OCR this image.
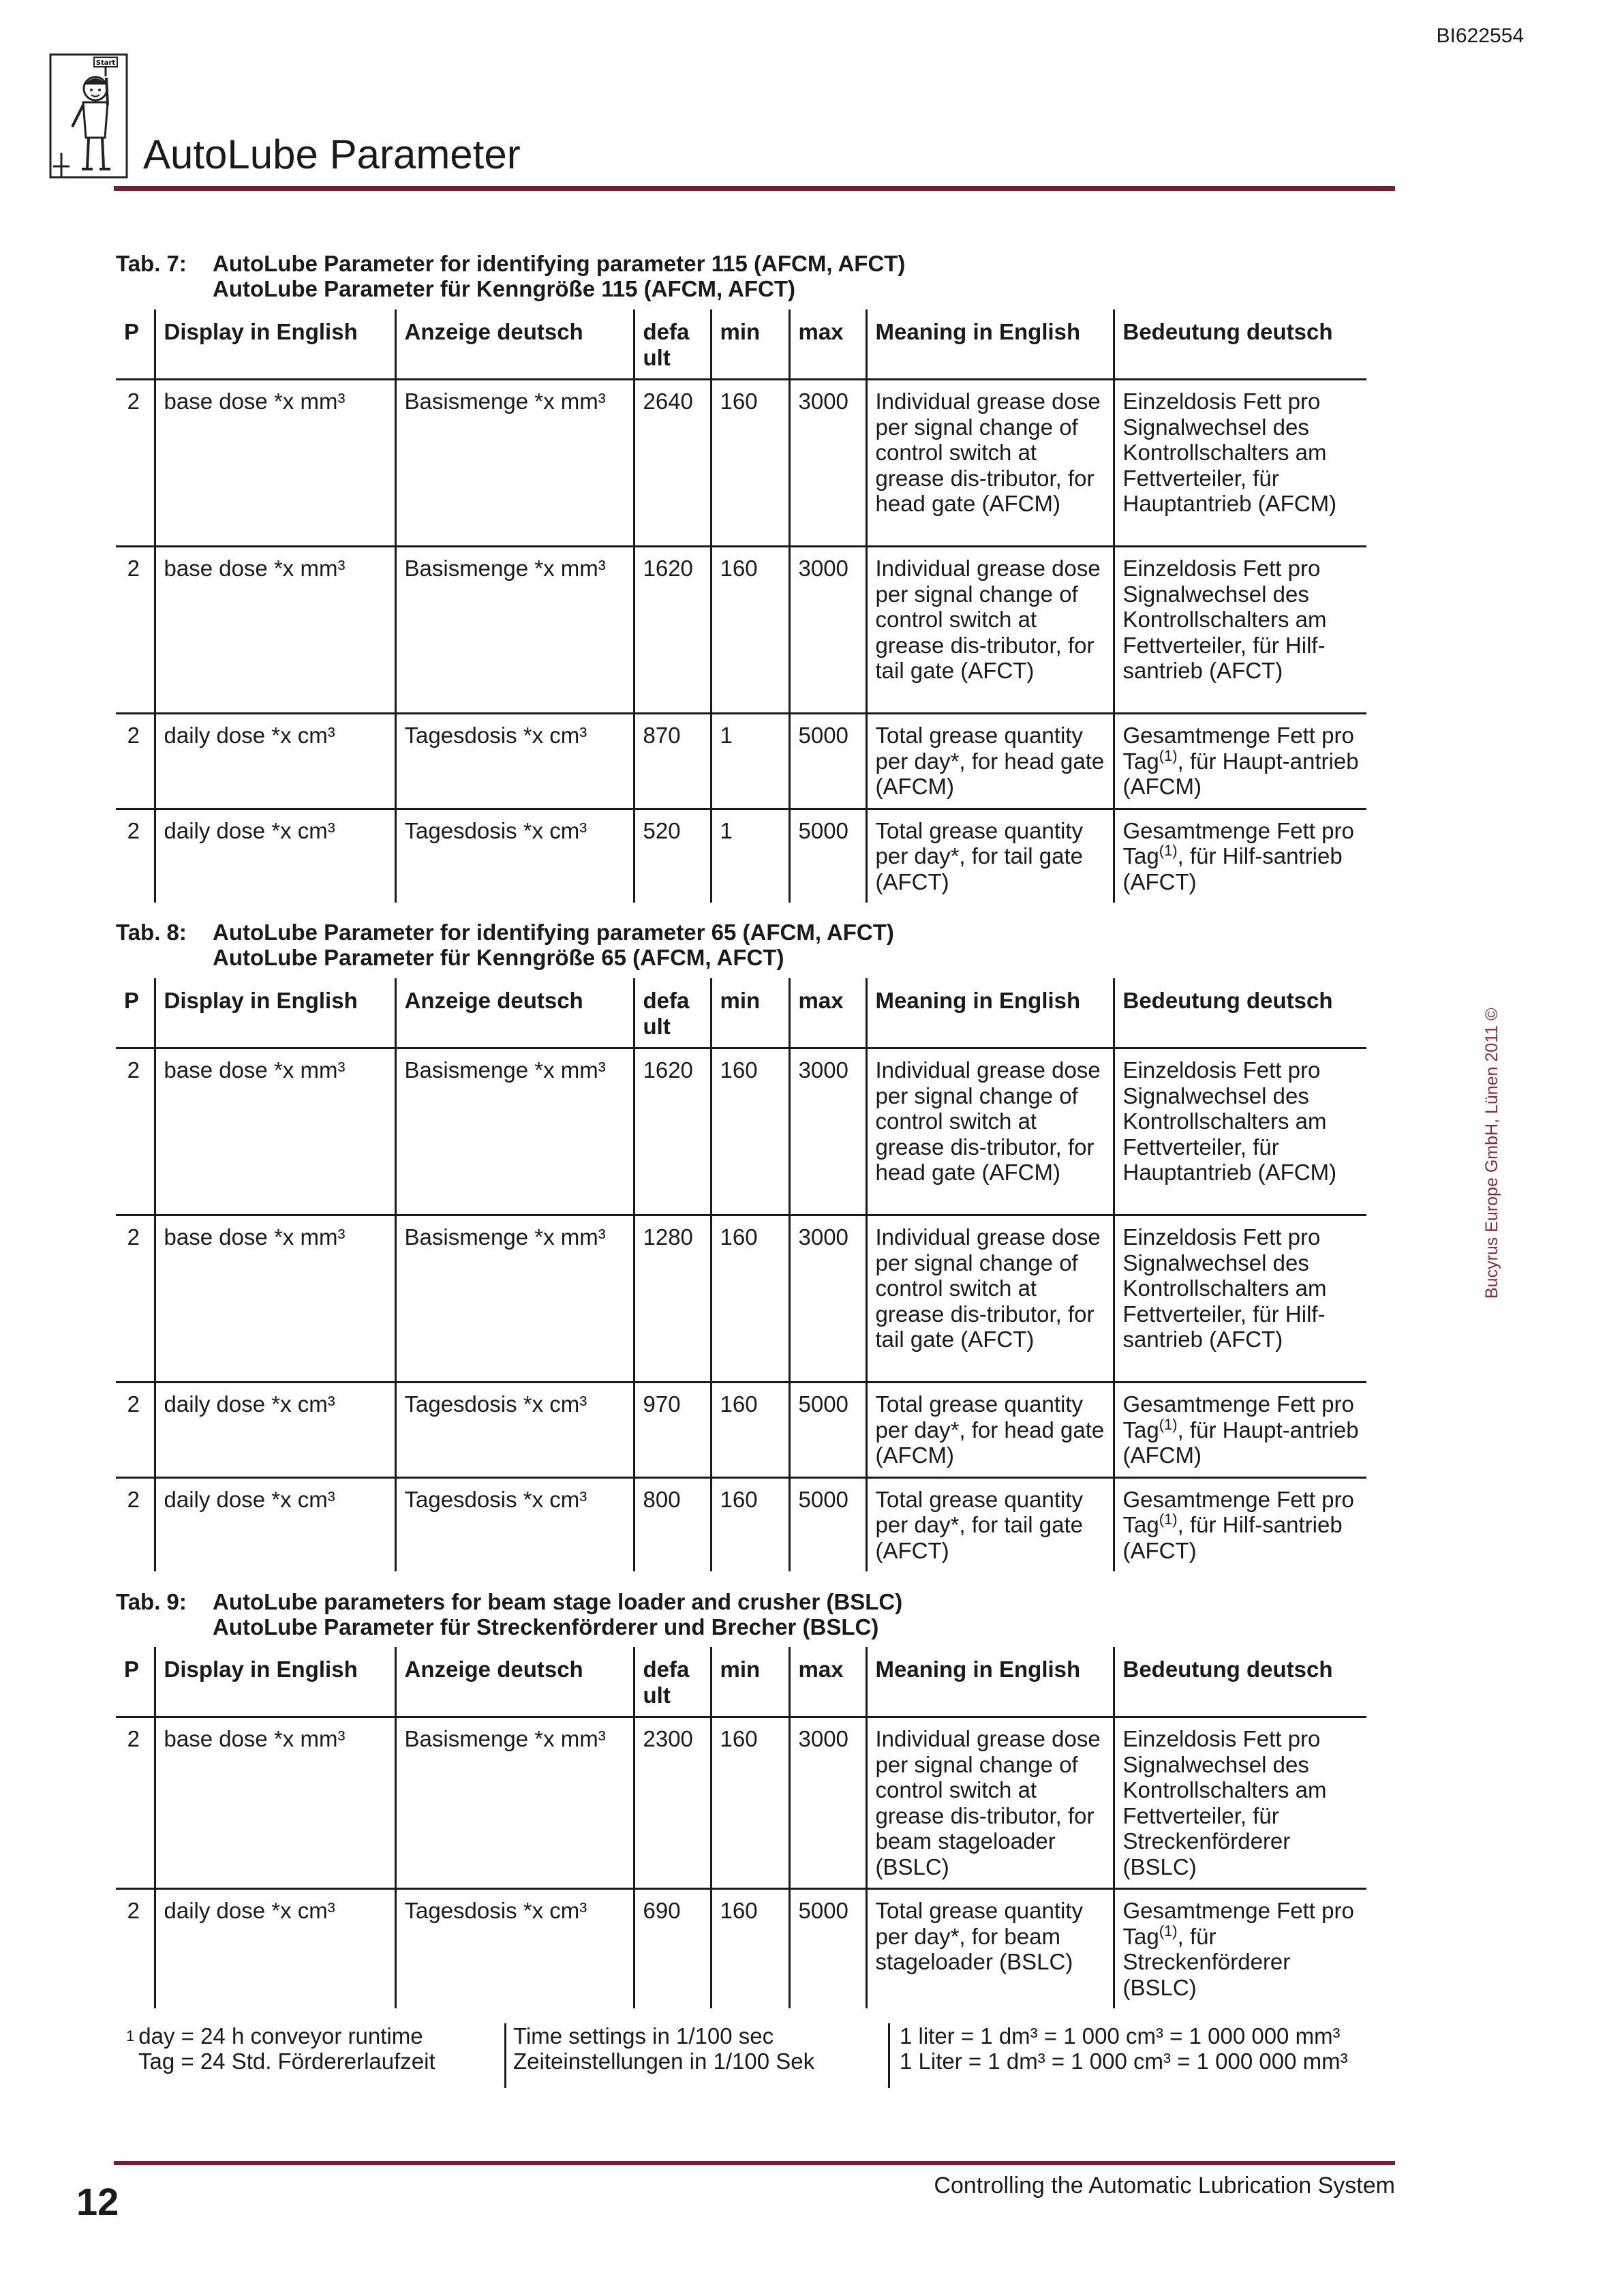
BI622554
Start
AutoLube Parameter
Bucyrus Europe GmbH, Lünen 2011 ©
Tab. 7: AutoLube Parameter for identifying parameter 115 (AFCM, AFCT)
AutoLube Parameter für Kenngröße 115 (AFCM, AFCT)
P	Display in English	Anzeige deutsch	defa ult	min	max	Meaning in English	Bedeutung deutsch
2	base dose *x mm³	Basismenge *x mm³	2640	160	3000	Individual grease dose per signal change of control switch at grease dis-tributor, for head gate (AFCM)	Einzeldosis Fett pro Signalwechsel des Kontrollschalters am Fettverteiler, für Hauptantrieb (AFCM)
2	base dose *x mm³	Basismenge *x mm³	1620	160	3000	Individual grease dose per signal change of control switch at grease dis-tributor, for tail gate (AFCT)	Einzeldosis Fett pro Signalwechsel des Kontrollschalters am Fettverteiler, für Hilf-santrieb (AFCT)
2	daily dose *x cm³	Tagesdosis *x cm³	870	1	5000	Total grease quantity per day*, for head gate (AFCM)	Gesamtmenge Fett pro Tag$^{(1)}$, für Haupt-antrieb (AFCM)
2	daily dose *x cm³	Tagesdosis *x cm³	520	1	5000	Total grease quantity per day*, for tail gate (AFCT)	Gesamtmenge Fett pro Tag$^{(1)}$, für Hilf-santrieb (AFCT)
Tab. 8: AutoLube Parameter for identifying parameter 65 (AFCM, AFCT)
AutoLube Parameter für Kenngröße 65 (AFCM, AFCT)
P	Display in English	Anzeige deutsch	defa ult	min	max	Meaning in English	Bedeutung deutsch
2	base dose *x mm³	Basismenge *x mm³	1620	160	3000	Individual grease dose per signal change of control switch at grease dis-tributor, for head gate (AFCM)	Einzeldosis Fett pro Signalwechsel des Kontrollschalters am Fettverteiler, für Hauptantrieb (AFCM)
2	base dose *x mm³	Basismenge *x mm³	1280	160	3000	Individual grease dose per signal change of control switch at grease dis-tributor, for tail gate (AFCT)	Einzeldosis Fett pro Signalwechsel des Kontrollschalters am Fettverteiler, für Hilf-santrieb (AFCT)
2	daily dose *x cm³	Tagesdosis *x cm³	970	160	5000	Total grease quantity per day*, for head gate (AFCM)	Gesamtmenge Fett pro Tag$^{(1)}$, für Haupt-antrieb (AFCM)
2	daily dose *x cm³	Tagesdosis *x cm³	800	160	5000	Total grease quantity per day*, for tail gate (AFCT)	Gesamtmenge Fett pro Tag$^{(1)}$, für Hilf-santrieb (AFCT)
Tab. 9: AutoLube parameters for beam stage loader and crusher (BSLC)
AutoLube Parameter für Streckenförderer und Brecher (BSLC)
P	Display in English	Anzeige deutsch	defa ult	min	max	Meaning in English	Bedeutung deutsch
2	base dose *x mm³	Basismenge *x mm³	2300	160	3000	Individual grease dose per signal change of control switch at grease dis-tributor, for beam stageloader (BSLC)	Einzeldosis Fett pro Signalwechsel des Kontrollschalters am Fettverteiler, für Streckenförderer (BSLC)
2	daily dose *x cm³	Tagesdosis *x cm³	690	160	5000	Total grease quantity per day*, for beam stageloader (BSLC)	Gesamtmenge Fett pro Tag$^{(1)}$, für Streckenförderer (BSLC)
$^1$ day = 24 h conveyor runtime
Tag = 24 Std. Fördererlaufzeit
Time settings in 1/100 sec
Zeiteinstellungen in 1/100 Sek
1 liter = 1 dm³ = 1 000 cm³ = 1 000 000 mm³
1 Liter = 1 dm³ = 1 000 cm³ = 1 000 000 mm³
12	Controlling the Automatic Lubrication System
